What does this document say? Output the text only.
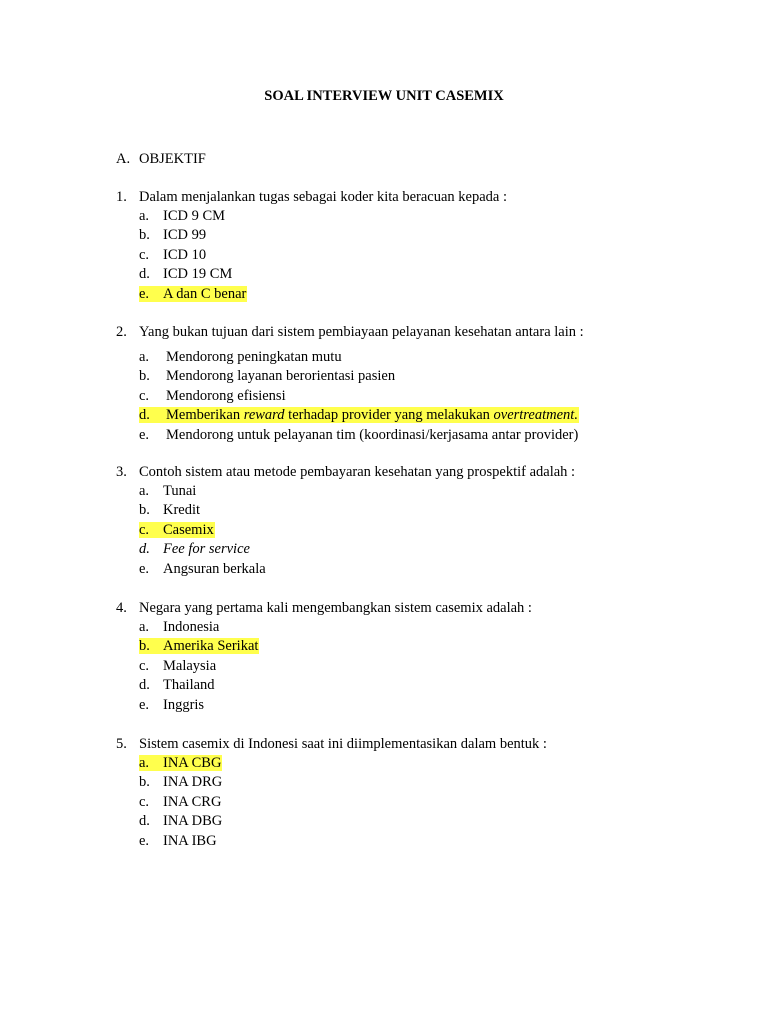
SOAL INTERVIEW UNIT CASEMIX
A. OBJEKTIF
1. Dalam menjalankan tugas sebagai koder kita beracuan kepada :
a. ICD 9 CM
b. ICD 99
c. ICD 10
d. ICD 19 CM
e. A dan C benar
2. Yang bukan tujuan dari sistem pembiayaan pelayanan kesehatan antara lain :
a. Mendorong peningkatan mutu
b. Mendorong layanan berorientasi pasien
c. Mendorong efisiensi
d. Memberikan reward terhadap provider yang melakukan overtreatment.
e. Mendorong untuk pelayanan tim (koordinasi/kerjasama antar provider)
3. Contoh sistem atau metode pembayaran kesehatan yang prospektif adalah :
a. Tunai
b. Kredit
c. Casemix
d. Fee for service
e. Angsuran berkala
4. Negara yang pertama kali mengembangkan sistem casemix adalah :
a. Indonesia
b. Amerika Serikat
c. Malaysia
d. Thailand
e. Inggris
5. Sistem casemix di Indonesi saat ini diimplementasikan dalam bentuk :
a. INA CBG
b. INA DRG
c. INA CRG
d. INA DBG
e. INA IBG
